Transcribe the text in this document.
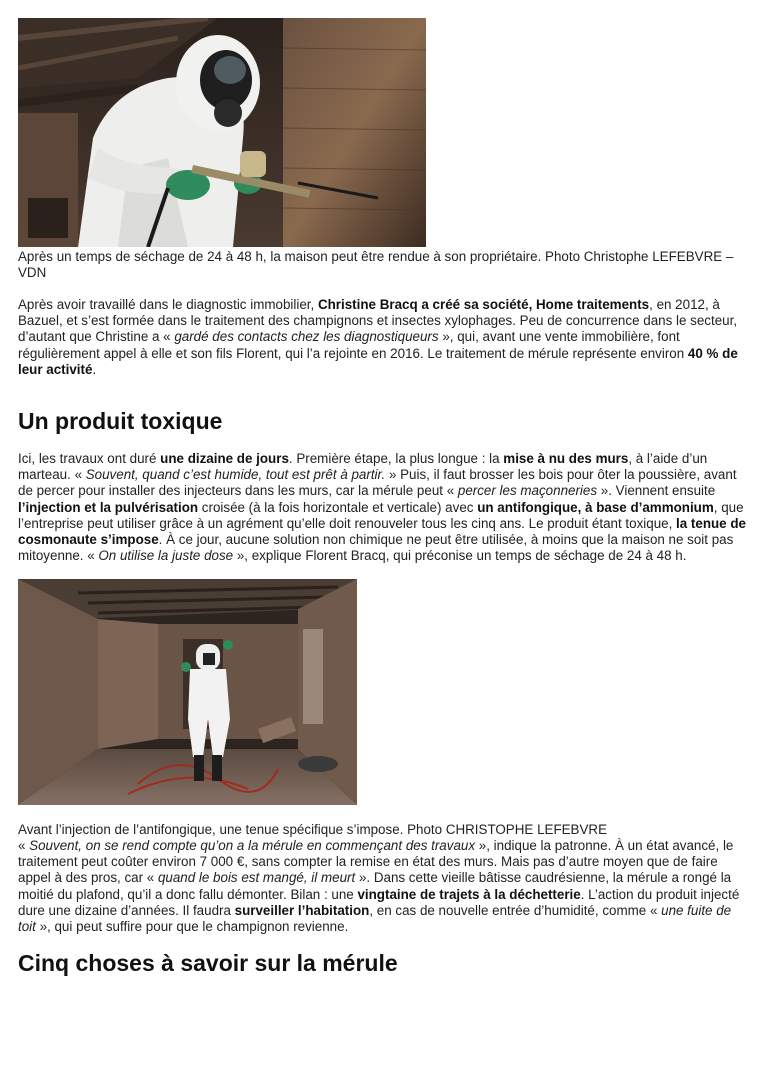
Après un temps de séchage de 24 à 48 h, la maison peut être rendue à son propriétaire. Photo Christophe LEFEBVRE – VDN

Après avoir travaillé dans le diagnostic immobilier, Christine Bracq a créé sa société, Home traitements, en 2012, à Bazuel, et s’est formée dans le traitement des champignons et insectes xylophages. Peu de concurrence dans le secteur, d’autant que Christine a « gardé des contacts chez les diagnostiqueurs », qui, avant une vente immobilière, font régulièrement appel à elle et son fils Florent, qui l’a rejointe en 2016. Le traitement de mérule représente environ 40 % de leur activité.

Un produit toxique

Ici, les travaux ont duré une dizaine de jours. Première étape, la plus longue : la mise à nu des murs, à l’aide d’un marteau. « Souvent, quand c’est humide, tout est prêt à partir. » Puis, il faut brosser les bois pour ôter la poussière, avant de percer pour installer des injecteurs dans les murs, car la mérule peut « percer les maçonneries ». Viennent ensuite l’injection et la pulvérisation croisée (à la fois horizontale et verticale) avec un antifongique, à base d’ammonium, que l’entreprise peut utiliser grâce à un agrément qu’elle doit renouveler tous les cinq ans. Le produit étant toxique, la tenue de cosmonaute s’impose. À ce jour, aucune solution non chimique ne peut être utilisée, à moins que la maison ne soit pas mitoyenne. « On utilise la juste dose », explique Florent Bracq, qui préconise un temps de séchage de 24 à 48 h.

Avant l’injection de l’antifongique, une tenue spécifique s’impose. Photo CHRISTOPHE LEFEBVRE

« Souvent, on se rend compte qu’on a la mérule en commençant des travaux », indique la patronne. À un état avancé, le traitement peut coûter environ 7 000 €, sans compter la remise en état des murs. Mais pas d’autre moyen que de faire appel à des pros, car « quand le bois est mangé, il meurt ». Dans cette vieille bâtisse caudrésienne, la mérule a rongé la moitié du plafond, qu’il a donc fallu démonter. Bilan : une vingtaine de trajets à la déchetterie. L’action du produit injecté dure une dizaine d’années. Il faudra surveiller l’habitation, en cas de nouvelle entrée d’humidité, comme « une fuite de toit », qui peut suffire pour que le champignon revienne.

Cinq choses à savoir sur la mérule
